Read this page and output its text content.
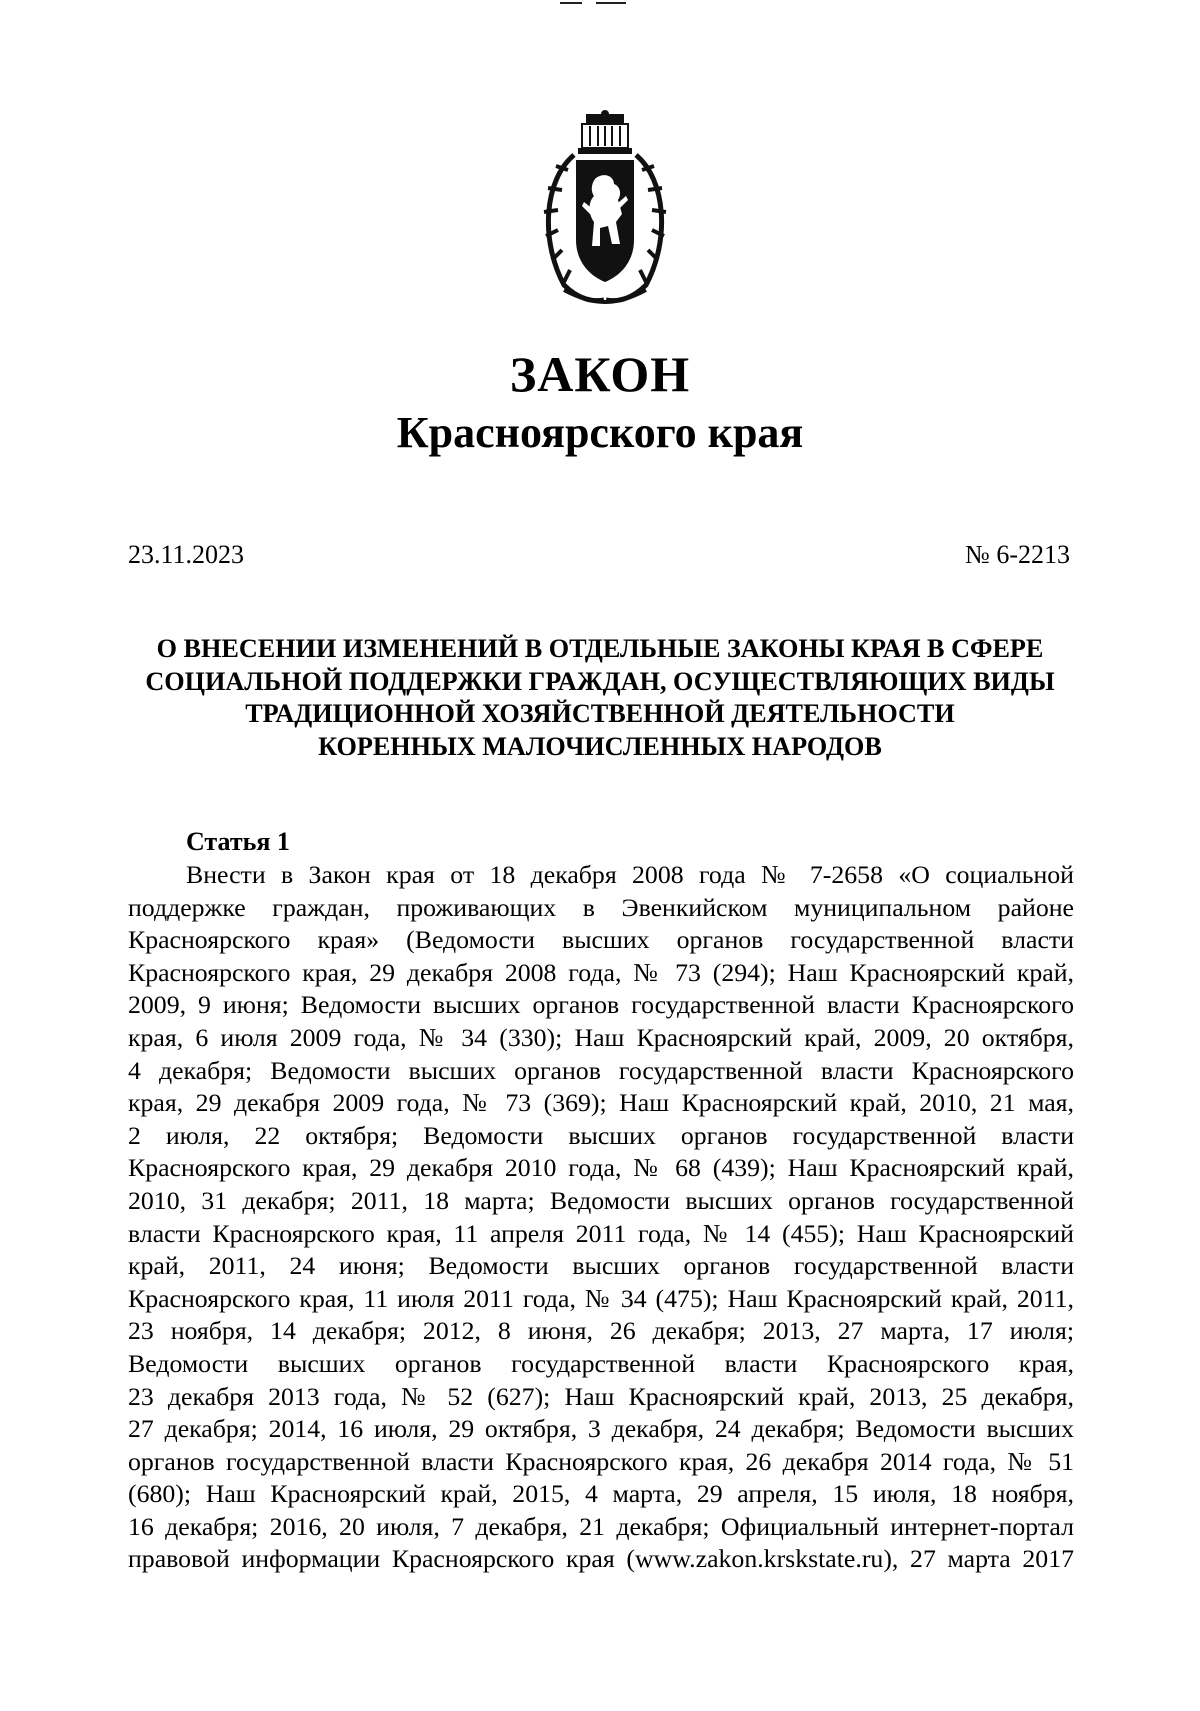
ЗАКОН
Красноярского края
23.11.2023	№ 6-2213
О ВНЕСЕНИИ ИЗМЕНЕНИЙ В ОТДЕЛЬНЫЕ ЗАКОНЫ КРАЯ В СФЕРЕ
СОЦИАЛЬНОЙ ПОДДЕРЖКИ ГРАЖДАН, ОСУЩЕСТВЛЯЮЩИХ ВИДЫ
ТРАДИЦИОННОЙ ХОЗЯЙСТВЕННОЙ ДЕЯТЕЛЬНОСТИ
КОРЕННЫХ МАЛОЧИСЛЕННЫХ НАРОДОВ
Статья 1
Внести в Закон края от 18 декабря 2008 года № 7-2658 «О социальной
поддержке граждан, проживающих в Эвенкийском муниципальном районе
Красноярского края» (Ведомости высших органов государственной власти
Красноярского края, 29 декабря 2008 года, № 73 (294); Наш Красноярский край,
2009, 9 июня; Ведомости высших органов государственной власти Красноярского
края, 6 июля 2009 года, № 34 (330); Наш Красноярский край, 2009, 20 октября,
4 декабря; Ведомости высших органов государственной власти Красноярского
края, 29 декабря 2009 года, № 73 (369); Наш Красноярский край, 2010, 21 мая,
2 июля, 22 октября; Ведомости высших органов государственной власти
Красноярского края, 29 декабря 2010 года, № 68 (439); Наш Красноярский край,
2010, 31 декабря; 2011, 18 марта; Ведомости высших органов государственной
власти Красноярского края, 11 апреля 2011 года, № 14 (455); Наш Красноярский
край, 2011, 24 июня; Ведомости высших органов государственной власти
Красноярского края, 11 июля 2011 года, № 34 (475); Наш Красноярский край, 2011,
23 ноября, 14 декабря; 2012, 8 июня, 26 декабря; 2013, 27 марта, 17 июля;
Ведомости высших органов государственной власти Красноярского края,
23 декабря 2013 года, № 52 (627); Наш Красноярский край, 2013, 25 декабря,
27 декабря; 2014, 16 июля, 29 октября, 3 декабря, 24 декабря; Ведомости высших
органов государственной власти Красноярского края, 26 декабря 2014 года, № 51
(680); Наш Красноярский край, 2015, 4 марта, 29 апреля, 15 июля, 18 ноября,
16 декабря; 2016, 20 июля, 7 декабря, 21 декабря; Официальный интернет-портал
правовой информации Красноярского края (www.zakon.krskstate.ru), 27 марта 2017
